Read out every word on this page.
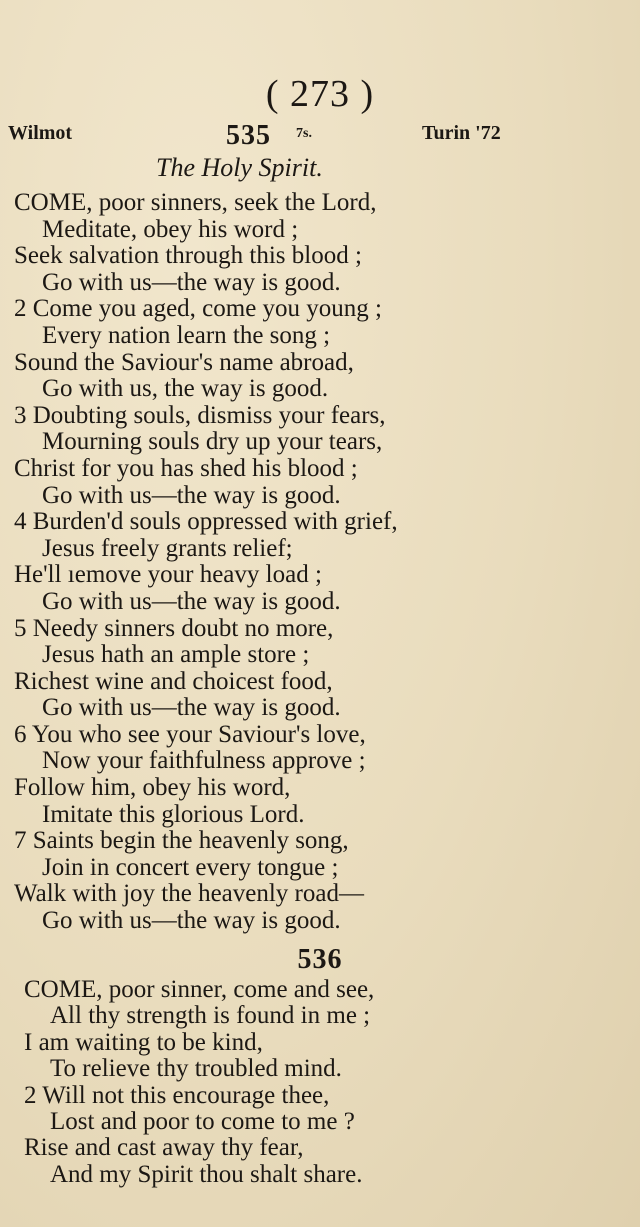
( 273 )
Wilmot	535 7s.	Turin '72
The Holy Spirit.
COME, poor sinners, seek the Lord,
Meditate, obey his word ;
Seek salvation through this blood ;
Go with us—the way is good.
2 Come you aged, come you young ;
Every nation learn the song ;
Sound the Saviour's name abroad,
Go with us, the way is good.
3 Doubting souls, dismiss your fears,
Mourning souls dry up your tears,
Christ for you has shed his blood ;
Go with us—the way is good.
4 Burden'd souls oppressed with grief,
Jesus freely grants relief;
He'll ıemove your heavy load ;
Go with us—the way is good.
5 Needy sinners doubt no more,
Jesus hath an ample store ;
Richest wine and choicest food,
Go with us—the way is good.
6 You who see your Saviour's love,
Now your faithfulness approve ;
Follow him, obey his word,
Imitate this glorious Lord.
7 Saints begin the heavenly song,
Join in concert every tongue ;
Walk with joy the heavenly road—
Go with us—the way is good.
536
COME, poor sinner, come and see,
All thy strength is found in me ;
I am waiting to be kind,
To relieve thy troubled mind.
2 Will not this encourage thee,
Lost and poor to come to me ?
Rise and cast away thy fear,
And my Spirit thou shalt share.
